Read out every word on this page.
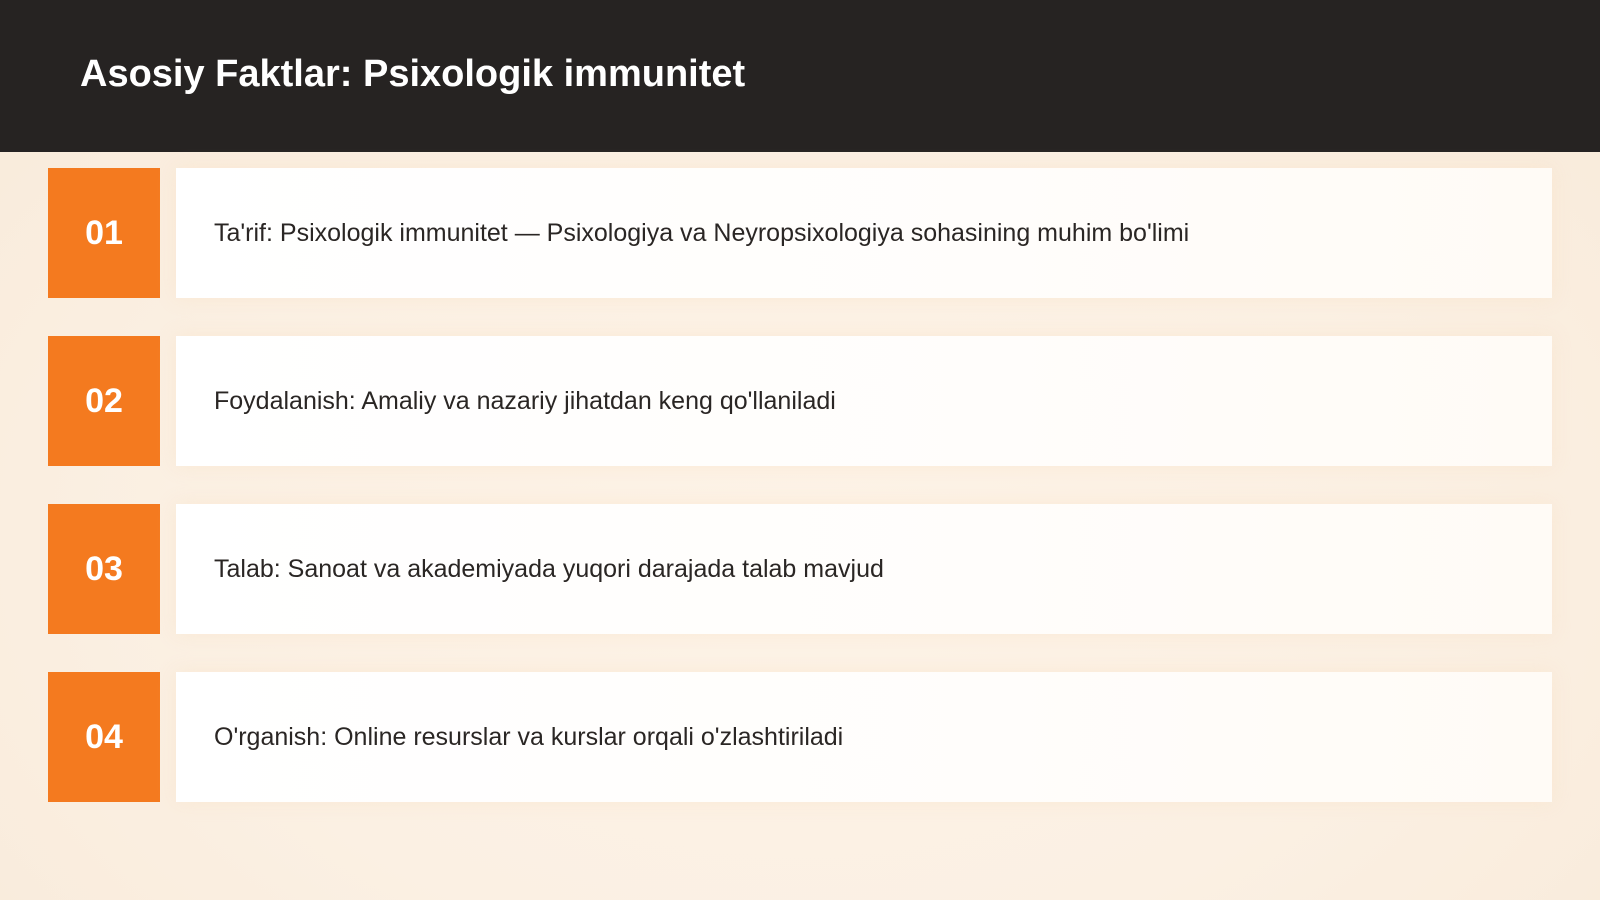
Asosiy Faktlar: Psixologik immunitet
01	Ta'rif: Psixologik immunitet — Psixologiya va Neyropsixologiya sohasining muhim bo'limi
02	Foydalanish: Amaliy va nazariy jihatdan keng qo'llaniladi
03	Talab: Sanoat va akademiyada yuqori darajada talab mavjud
04	O'rganish: Online resurslar va kurslar orqali o'zlashtiriladi
